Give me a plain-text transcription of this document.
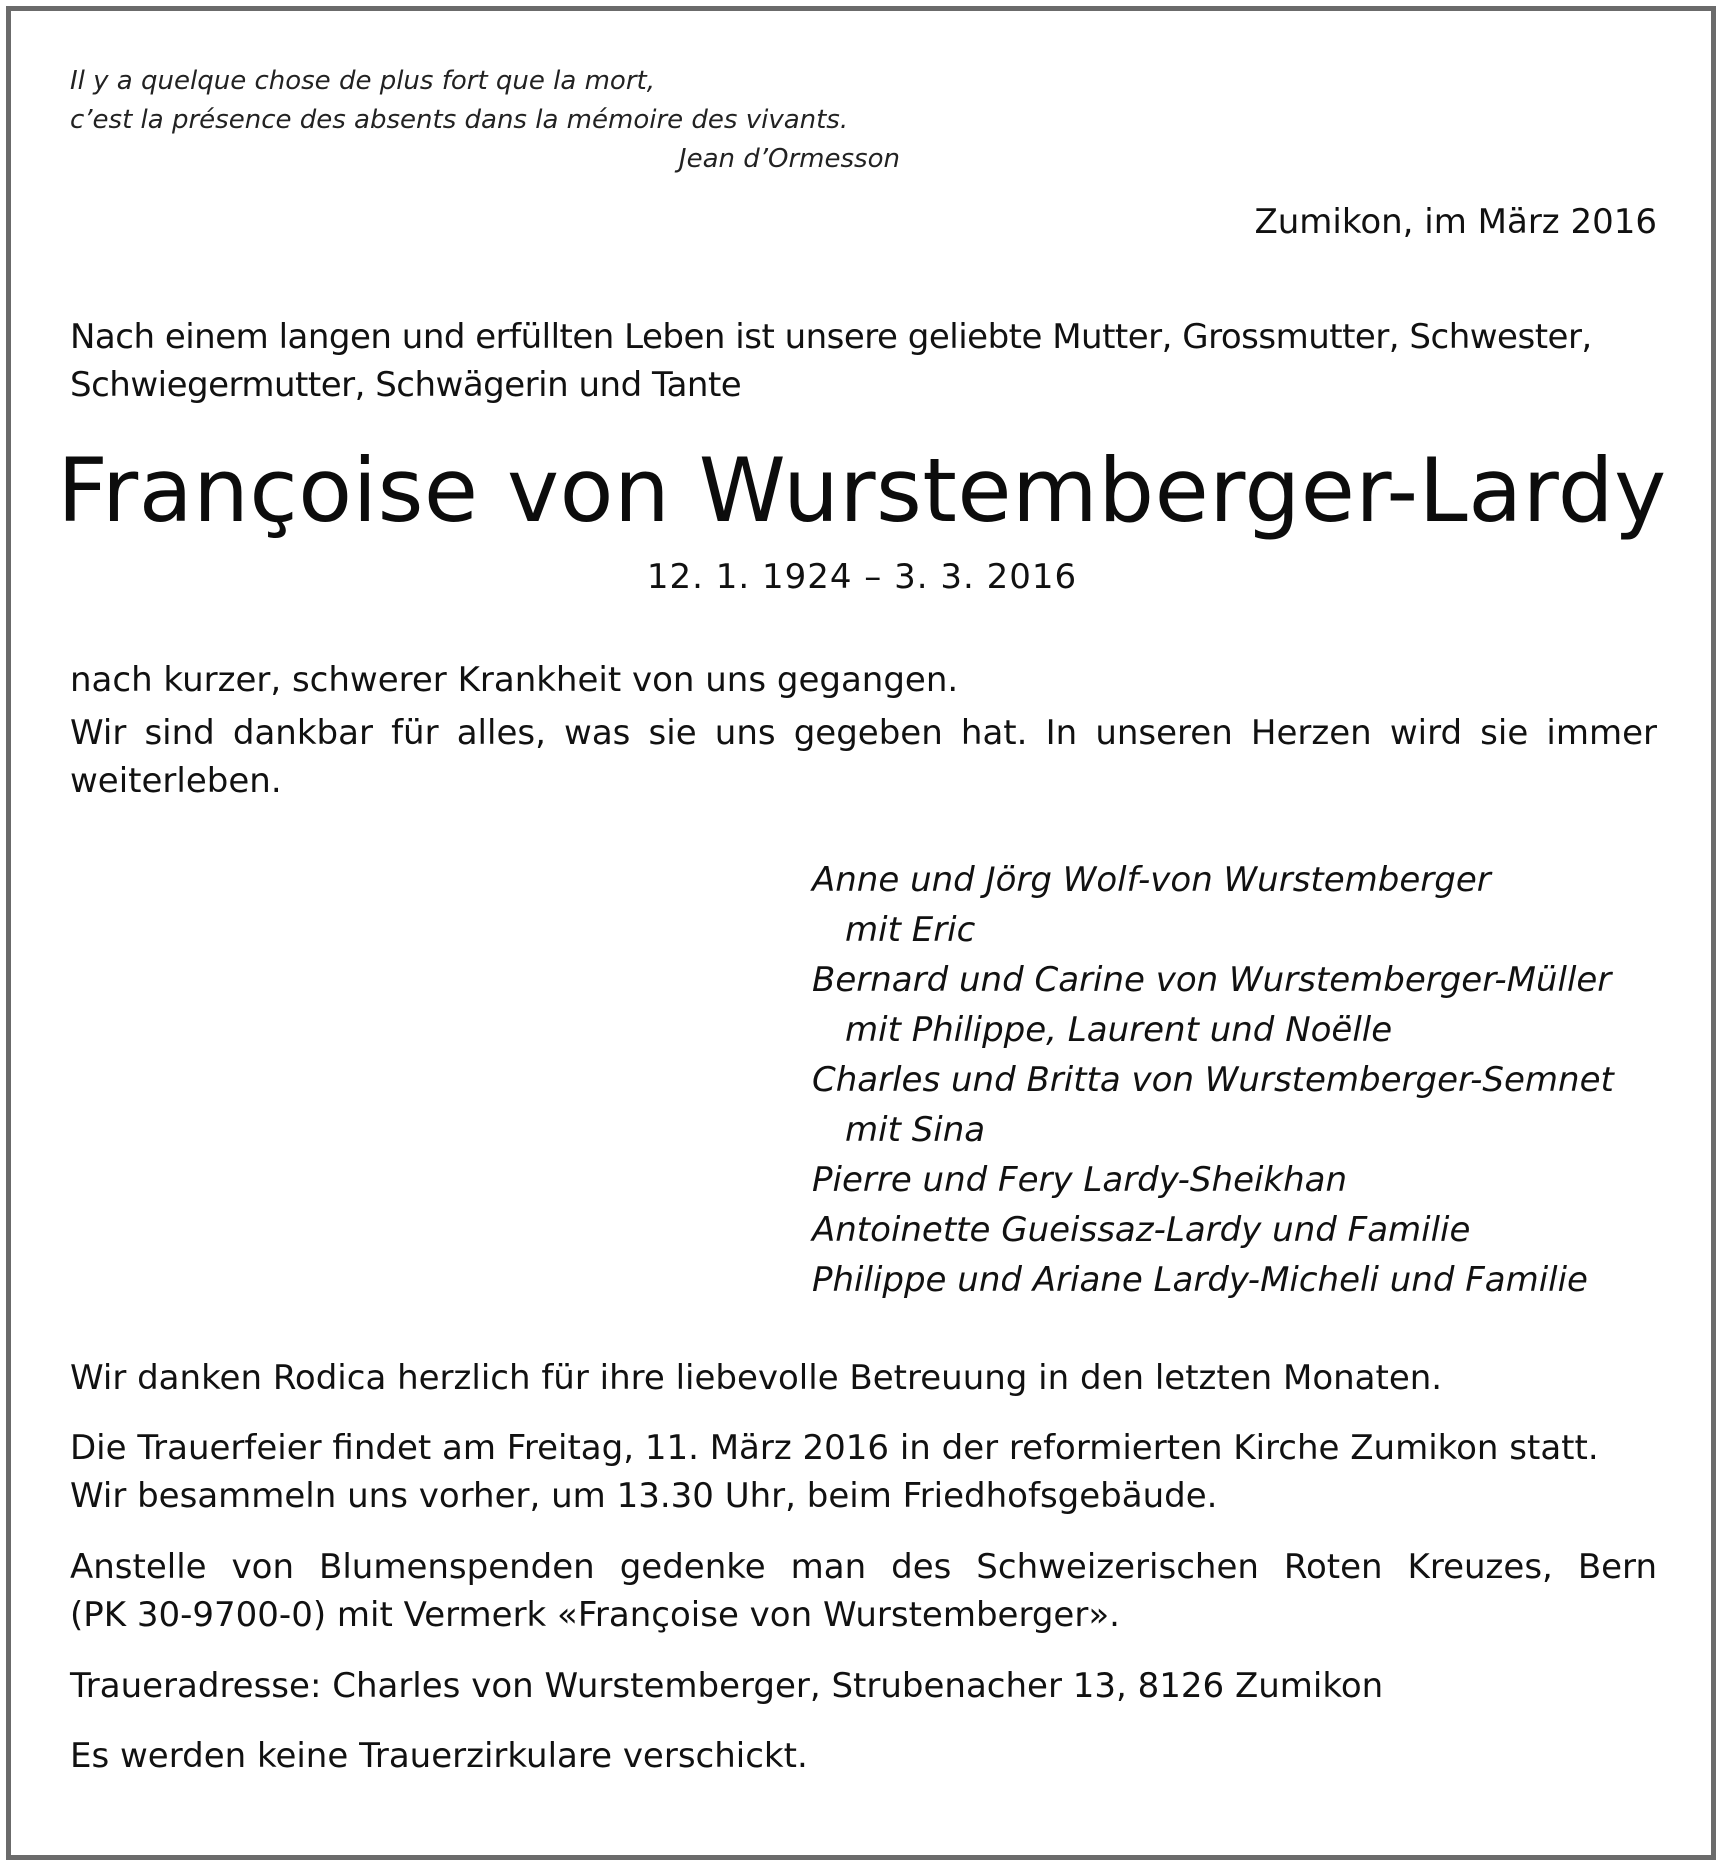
Il y a quelque chose de plus fort que la mort,
c’est la présence des absents dans la mémoire des vivants.
Jean d’Ormesson
Zumikon, im März 2016
Nach einem langen und erfüllten Leben ist unsere geliebte Mutter, Grossmutter, Schwester,
Schwiegermutter, Schwägerin und Tante
Françoise von Wurstemberger-Lardy
12. 1. 1924 – 3. 3. 2016
nach kurzer, schwerer Krankheit von uns gegangen.
Wir sind dankbar für alles, was sie uns gegeben hat. In unseren Herzen wird sie immer
weiterleben.
Anne und Jörg Wolf-von Wurstemberger
mit Eric
Bernard und Carine von Wurstemberger-Müller
mit Philippe, Laurent und Noëlle
Charles und Britta von Wurstemberger-Semnet
mit Sina
Pierre und Fery Lardy-Sheikhan
Antoinette Gueissaz-Lardy und Familie
Philippe und Ariane Lardy-Micheli und Familie
Wir danken Rodica herzlich für ihre liebevolle Betreuung in den letzten Monaten.
Die Trauerfeier findet am Freitag, 11. März 2016 in der reformierten Kirche Zumikon statt.
Wir besammeln uns vorher, um 13.30 Uhr, beim Friedhofsgebäude.
Anstelle von Blumenspenden gedenke man des Schweizerischen Roten Kreuzes, Bern
(PK 30-9700-0) mit Vermerk «Françoise von Wurstemberger».
Traueradresse: Charles von Wurstemberger, Strubenacher 13, 8126 Zumikon
Es werden keine Trauerzirkulare verschickt.
